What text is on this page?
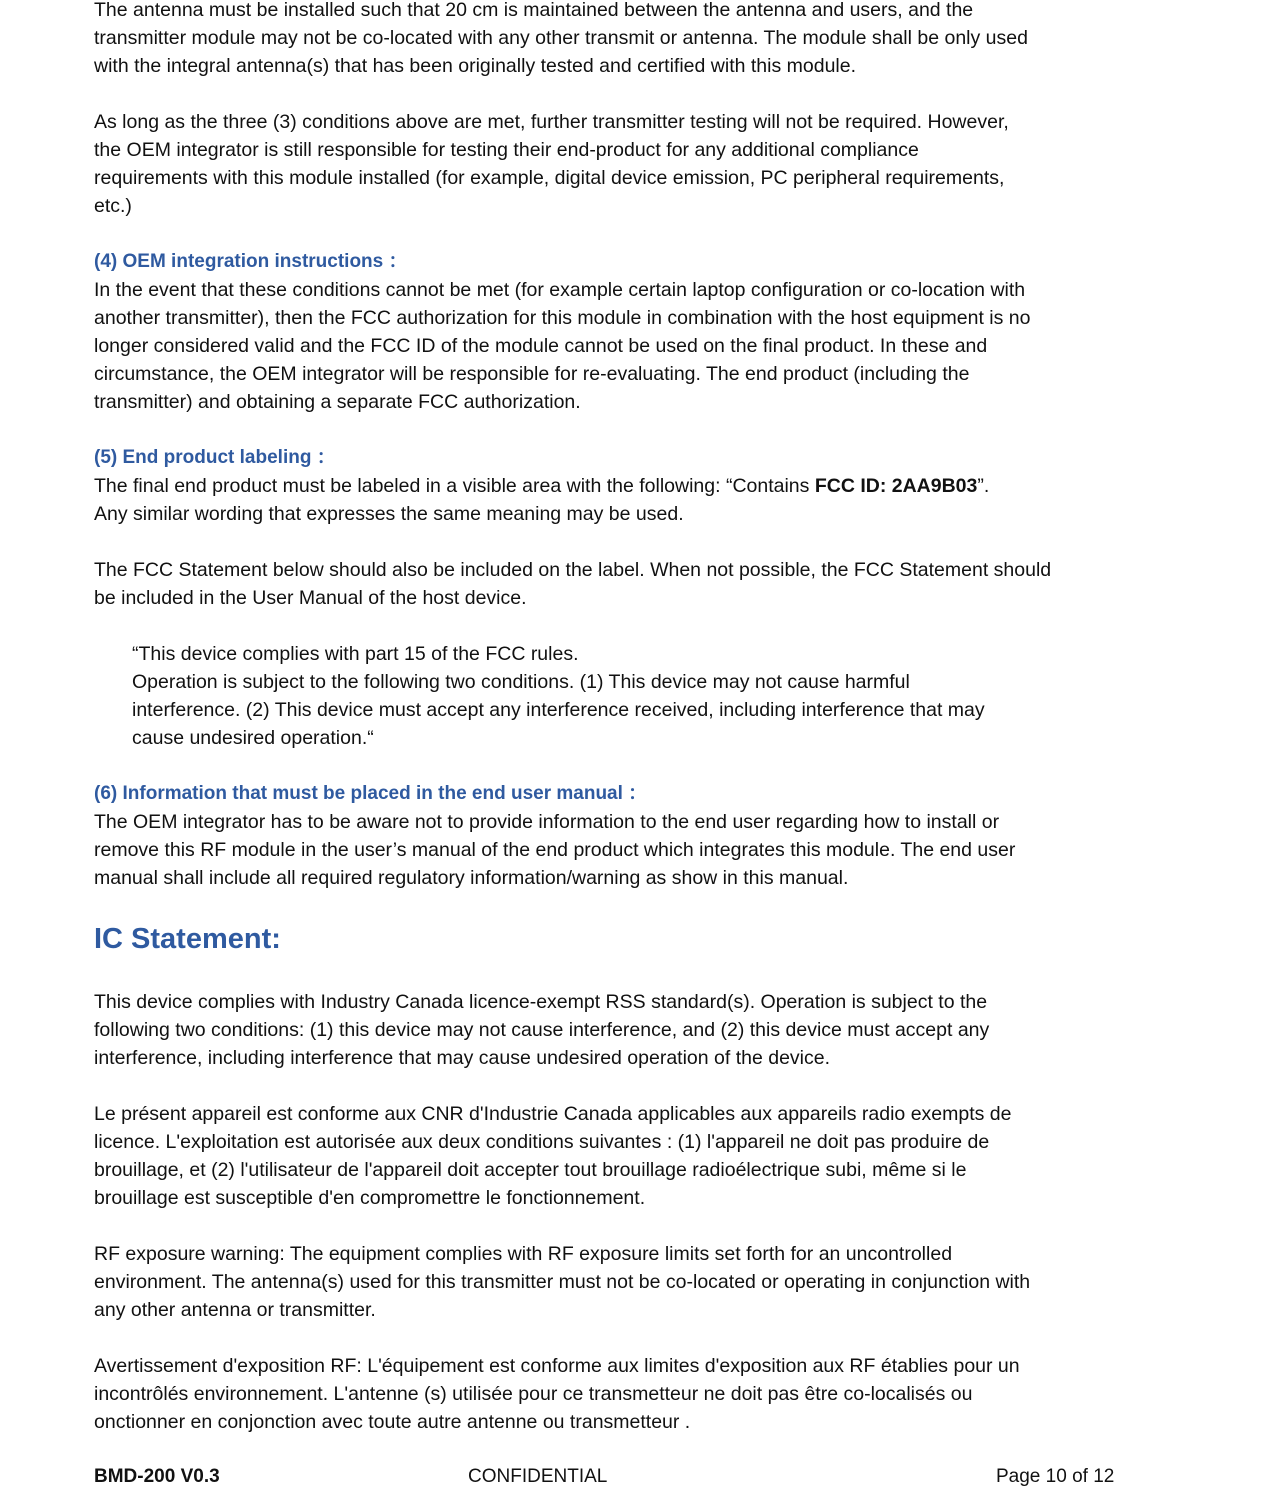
The antenna must be installed such that 20 cm is maintained between the antenna and users, and the
transmitter module may not be co-located with any other transmit or antenna. The module shall be only used
with the integral antenna(s) that has been originally tested and certified with this module.
As long as the three (3) conditions above are met, further transmitter testing will not be required. However,
the OEM integrator is still responsible for testing their end-product for any additional compliance
requirements with this module installed (for example, digital device emission, PC peripheral requirements,
etc.)
(4) OEM integration instructions ：
In the event that these conditions cannot be met (for example certain laptop configuration or co-location with
another transmitter), then the FCC authorization for this module in combination with the host equipment is no
longer considered valid and the FCC ID of the module cannot be used on the final product. In these and
circumstance, the OEM integrator will be responsible for re-evaluating. The end product (including the
transmitter) and obtaining a separate FCC authorization.
(5) End product labeling ：
The final end product must be labeled in a visible area with the following: “Contains FCC ID: 2AA9B03”.
Any similar wording that expresses the same meaning may be used.
The FCC Statement below should also be included on the label. When not possible, the FCC Statement should
be included in the User Manual of the host device.
“This device complies with part 15 of the FCC rules.
Operation is subject to the following two conditions. (1) This device may not cause harmful
interference. (2) This device must accept any interference received, including interference that may
cause undesired operation.“
(6) Information that must be placed in the end user manual ：
The OEM integrator has to be aware not to provide information to the end user regarding how to install or
remove this RF module in the user’s manual of the end product which integrates this module. The end user
manual shall include all required regulatory information/warning as show in this manual.
IC Statement:
This device complies with Industry Canada licence-exempt RSS standard(s). Operation is subject to the
following two conditions: (1) this device may not cause interference, and (2) this device must accept any
interference, including interference that may cause undesired operation of the device.
Le présent appareil est conforme aux CNR d'Industrie Canada applicables aux appareils radio exempts de
licence. L'exploitation est autorisée aux deux conditions suivantes : (1) l'appareil ne doit pas produire de
brouillage, et (2) l'utilisateur de l'appareil doit accepter tout brouillage radioélectrique subi, même si le
brouillage est susceptible d'en compromettre le fonctionnement.
RF exposure warning: The equipment complies with RF exposure limits set forth for an uncontrolled
environment. The antenna(s) used for this transmitter must not be co-located or operating in conjunction with
any other antenna or transmitter.
Avertissement d'exposition RF: L'équipement est conforme aux limites d'exposition aux RF établies pour un
incontrôlés environnement. L'antenne (s) utilisée pour ce transmetteur ne doit pas être co-localisés ou
onctionner en conjonction avec toute autre antenne ou transmetteur .
BMD-200 V0.3	CONFIDENTIAL	Page 10 of 12
